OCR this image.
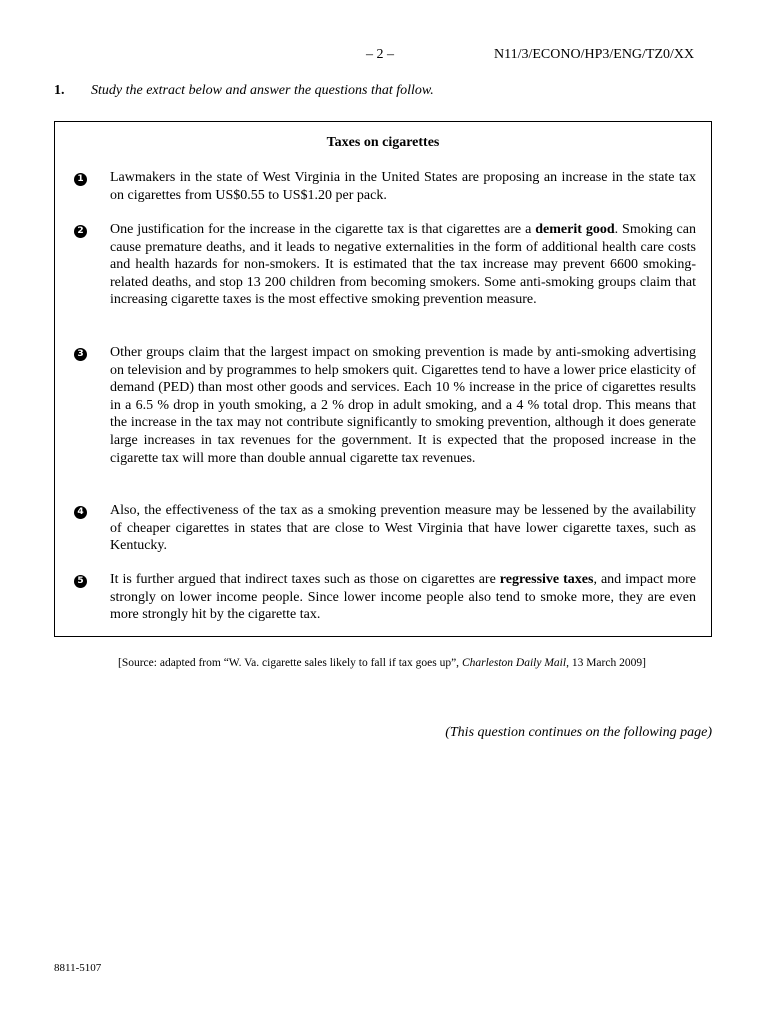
– 2 –	N11/3/ECONO/HP3/ENG/TZ0/XX
1. Study the extract below and answer the questions that follow.
Taxes on cigarettes
1 Lawmakers in the state of West Virginia in the United States are proposing an increase in the state tax on cigarettes from US$0.55 to US$1.20 per pack.
2 One justification for the increase in the cigarette tax is that cigarettes are a demerit good. Smoking can cause premature deaths, and it leads to negative externalities in the form of additional health care costs and health hazards for non-smokers. It is estimated that the tax increase may prevent 6600 smoking-related deaths, and stop 13 200 children from becoming smokers. Some anti-smoking groups claim that increasing cigarette taxes is the most effective smoking prevention measure.
3 Other groups claim that the largest impact on smoking prevention is made by anti-smoking advertising on television and by programmes to help smokers quit. Cigarettes tend to have a lower price elasticity of demand (PED) than most other goods and services. Each 10 % increase in the price of cigarettes results in a 6.5 % drop in youth smoking, a 2 % drop in adult smoking, and a 4 % total drop. This means that the increase in the tax may not contribute significantly to smoking prevention, although it does generate large increases in tax revenues for the government. It is expected that the proposed increase in the cigarette tax will more than double annual cigarette tax revenues.
4 Also, the effectiveness of the tax as a smoking prevention measure may be lessened by the availability of cheaper cigarettes in states that are close to West Virginia that have lower cigarette taxes, such as Kentucky.
5 It is further argued that indirect taxes such as those on cigarettes are regressive taxes, and impact more strongly on lower income people. Since lower income people also tend to smoke more, they are even more strongly hit by the cigarette tax.
[Source: adapted from “W. Va. cigarette sales likely to fall if tax goes up”, Charleston Daily Mail, 13 March 2009]
(This question continues on the following page)
8811-5107
